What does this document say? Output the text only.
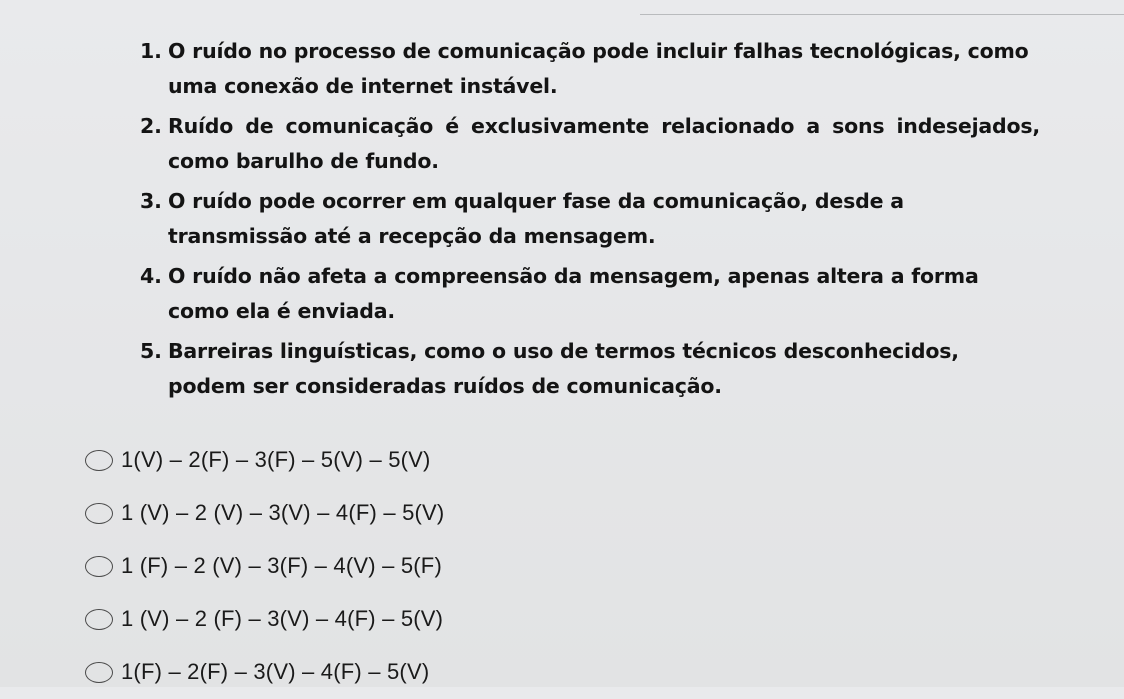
1. O ruído no processo de comunicação pode incluir falhas tecnológicas, como uma conexão de internet instável.
2. Ruído de comunicação é exclusivamente relacionado a sons indesejados, como barulho de fundo.
3. O ruído pode ocorrer em qualquer fase da comunicação, desde a transmissão até a recepção da mensagem.
4. O ruído não afeta a compreensão da mensagem, apenas altera a forma como ela é enviada.
5. Barreiras linguísticas, como o uso de termos técnicos desconhecidos, podem ser consideradas ruídos de comunicação.
1(V) – 2(F) – 3(F) – 5(V) – 5(V)
1 (V) – 2 (V) – 3(V) – 4(F) – 5(V)
1 (F) – 2 (V) – 3(F) – 4(V) – 5(F)
1 (V) – 2 (F) – 3(V) – 4(F) – 5(V)
1(F) – 2(F) – 3(V) – 4(F) – 5(V)
